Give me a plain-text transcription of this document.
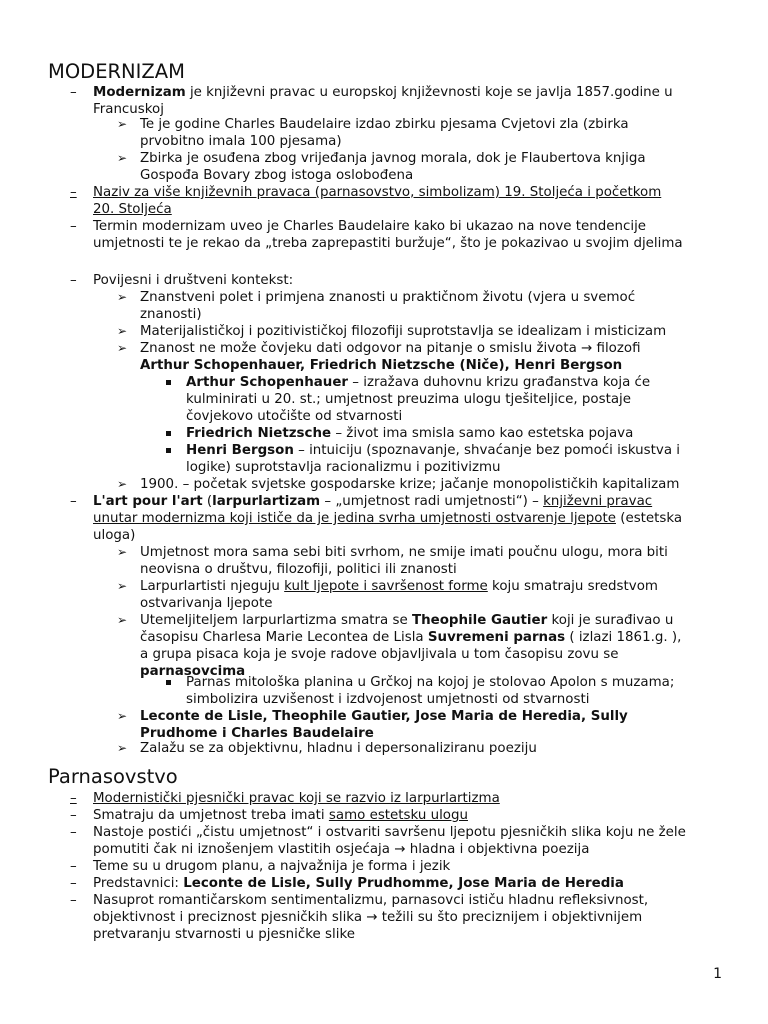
MODERNIZAM
– Modernizam je književni pravac u europskoj književnosti koje se javlja 1857.godine u
Francuskoj
➢ Te je godine Charles Baudelaire izdao zbirku pjesama Cvjetovi zla (zbirka
prvobitno imala 100 pjesama)
➢ Zbirka je osuđena zbog vrijeđanja javnog morala, dok je Flaubertova knjiga
Gospođa Bovary zbog istoga oslobođena
– Naziv za više književnih pravaca (parnasovstvo, simbolizam) 19. Stoljeća i početkom
20. Stoljeća
– Termin modernizam uveo je Charles Baudelaire kako bi ukazao na nove tendencije
umjetnosti te je rekao da „treba zaprepastiti buržuje“, što je pokazivao u svojim djelima
– Povijesni i društveni kontekst:
➢ Znanstveni polet i primjena znanosti u praktičnom životu (vjera u svemoć
znanosti)
➢ Materijalističkoj i pozitivističkoj filozofiji suprotstavlja se idealizam i misticizam
➢ Znanost ne može čovjeku dati odgovor na pitanje o smislu života → filozofi
Arthur Schopenhauer, Friedrich Nietzsche (Niče), Henri Bergson
Arthur Schopenhauer – izražava duhovnu krizu građanstva koja će
kulminirati u 20. st.; umjetnost preuzima ulogu tješiteljice, postaje
čovjekovo utočište od stvarnosti
Friedrich Nietzsche – život ima smisla samo kao estetska pojava
Henri Bergson – intuiciju (spoznavanje, shvaćanje bez pomoći iskustva i
logike) suprotstavlja racionalizmu i pozitivizmu
➢ 1900. – početak svjetske gospodarske krize; jačanje monopolističkih kapitalizam
– L'art pour l'art (larpurlartizam – „umjetnost radi umjetnosti“) – književni pravac
unutar modernizma koji ističe da je jedina svrha umjetnosti ostvarenje ljepote (estetska
uloga)
➢ Umjetnost mora sama sebi biti svrhom, ne smije imati poučnu ulogu, mora biti
neovisna o društvu, filozofiji, politici ili znanosti
➢ Larpurlartisti njeguju kult ljepote i savršenost forme koju smatraju sredstvom
ostvarivanja ljepote
➢ Utemeljiteljem larpurlartizma smatra se Theophile Gautier koji je surađivao u
časopisu Charlesa Marie Lecontea de Lisla Suvremeni parnas ( izlazi 1861.g. ),
a grupa pisaca koja je svoje radove objavljivala u tom časopisu zovu se
parnasovcima
Parnas mitološka planina u Grčkoj na kojoj je stolovao Apolon s muzama;
simbolizira uzvišenost i izdvojenost umjetnosti od stvarnosti
➢ Leconte de Lisle, Theophile Gautier, Jose Maria de Heredia, Sully
Prudhome i Charles Baudelaire
➢ Zalažu se za objektivnu, hladnu i depersonaliziranu poeziju
Parnasovstvo
– Modernistički pjesnički pravac koji se razvio iz larpurlartizma
– Smatraju da umjetnost treba imati samo estetsku ulogu
– Nastoje postići „čistu umjetnost“ i ostvariti savršenu ljepotu pjesničkih slika koju ne žele
pomutiti čak ni iznošenjem vlastitih osjećaja → hladna i objektivna poezija
– Teme su u drugom planu, a najvažnija je forma i jezik
– Predstavnici: Leconte de Lisle, Sully Prudhomme, Jose Maria de Heredia
– Nasuprot romantičarskom sentimentalizmu, parnasovci ističu hladnu refleksivnost,
objektivnost i preciznost pjesničkih slika → težili su što preciznijem i objektivnijem
pretvaranju stvarnosti u pjesničke slike
1
